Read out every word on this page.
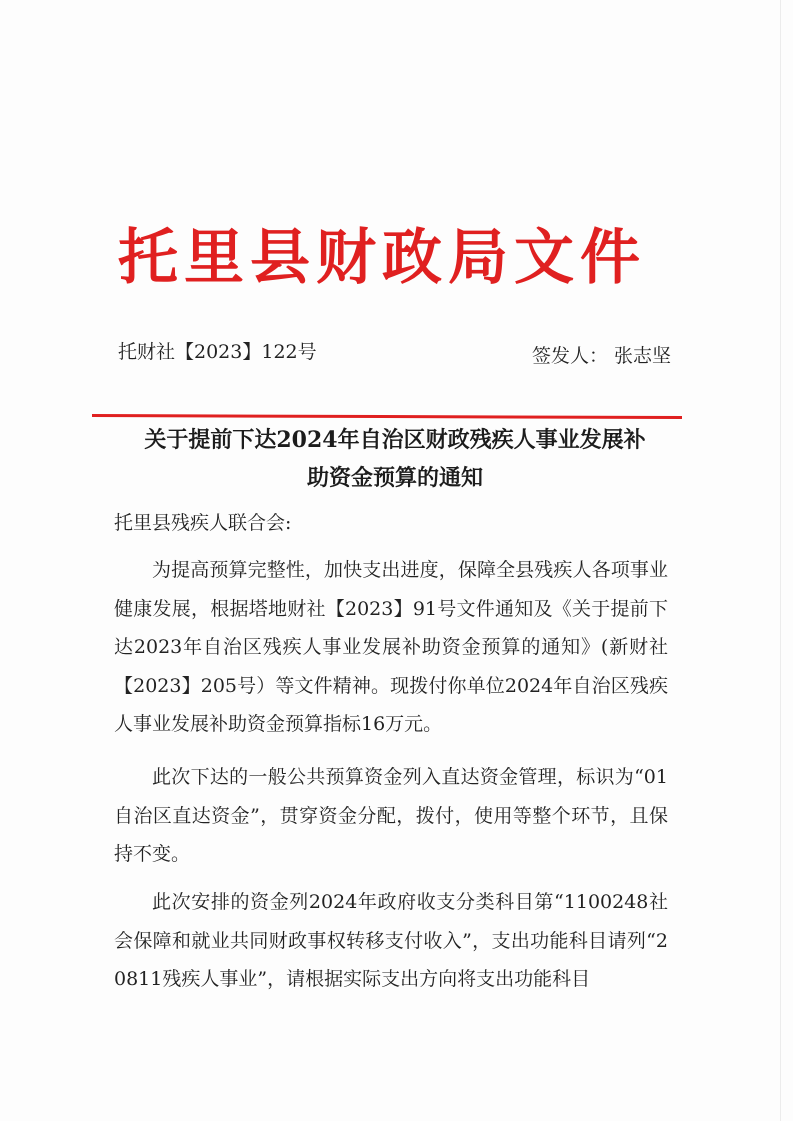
托里县财政局文件
托财社【2023】122号	签发人： 张志坚
关于提前下达2024年自治区财政残疾人事业发展补
助资金预算的通知
托里县残疾人联合会:
为提高预算完整性，加快支出进度，保障全县残疾人各项事业健康发展，根据塔地财社【2023】91号文件通知及《关于提前下达2023年自治区残疾人事业发展补助资金预算的通知》(新财社【2023】205号）等文件精神。现拨付你单位2024年自治区残疾人事业发展补助资金预算指标16万元。
此次下达的一般公共预算资金列入直达资金管理，标识为“01自治区直达资金”，贯穿资金分配，拨付，使用等整个环节，且保持不变。
此次安排的资金列2024年政府收支分类科目第“1100248社会保障和就业共同财政事权转移支付收入”，支出功能科目请列“20811残疾人事业”，请根据实际支出方向将支出功能科目
